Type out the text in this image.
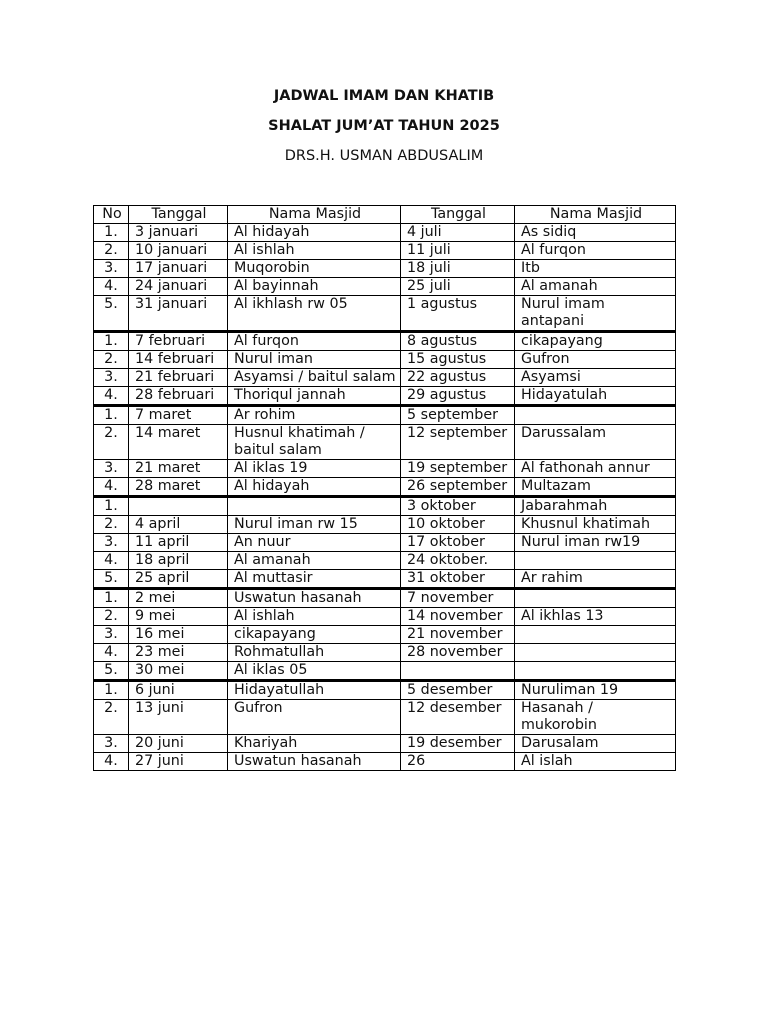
JADWAL IMAM DAN KHATIB
SHALAT JUM’AT TAHUN 2025
DRS.H. USMAN ABDUSALIM
No	Tanggal	Nama Masjid	Tanggal	Nama Masjid
1.	3 januari	Al hidayah	4 juli	As sidiq
2.	10 januari	Al ishlah	11 juli	Al furqon
3.	17 januari	Muqorobin	18 juli	Itb
4.	24 januari	Al bayinnah	25 juli	Al amanah
5.	31 januari	Al ikhlash rw 05	1 agustus	Nurul imam antapani
1.	7 februari	Al furqon	8 agustus	cikapayang
2.	14 februari	Nurul iman	15 agustus	Gufron
3.	21 februari	Asyamsi / baitul salam	22 agustus	Asyamsi
4.	28 februari	Thoriqul jannah	29 agustus	Hidayatulah
1.	7 maret	Ar rohim	5 september	
2.	14 maret	Husnul khatimah / baitul salam	12 september	Darussalam
3.	21 maret	Al iklas 19	19 september	Al fathonah annur
4.	28 maret	Al hidayah	26 september	Multazam
1.			3 oktober	Jabarahmah
2.	4 april	Nurul iman rw 15	10 oktober	Khusnul khatimah
3.	11 april	An nuur	17 oktober	Nurul iman rw19
4.	18 april	Al amanah	24 oktober.	
5.	25 april	Al muttasir	31 oktober	Ar rahim
1.	2 mei	Uswatun hasanah	7 november	
2.	9 mei	Al ishlah	14 november	Al ikhlas 13
3.	16 mei	cikapayang	21 november	
4.	23 mei	Rohmatullah	28 november	
5.	30 mei	Al iklas 05		
1.	6 juni	Hidayatullah	5 desember	Nuruliman 19
2.	13 juni	Gufron	12 desember	Hasanah / mukorobin
3.	20 juni	Khariyah	19 desember	Darusalam
4.	27 juni	Uswatun hasanah	26	Al islah
